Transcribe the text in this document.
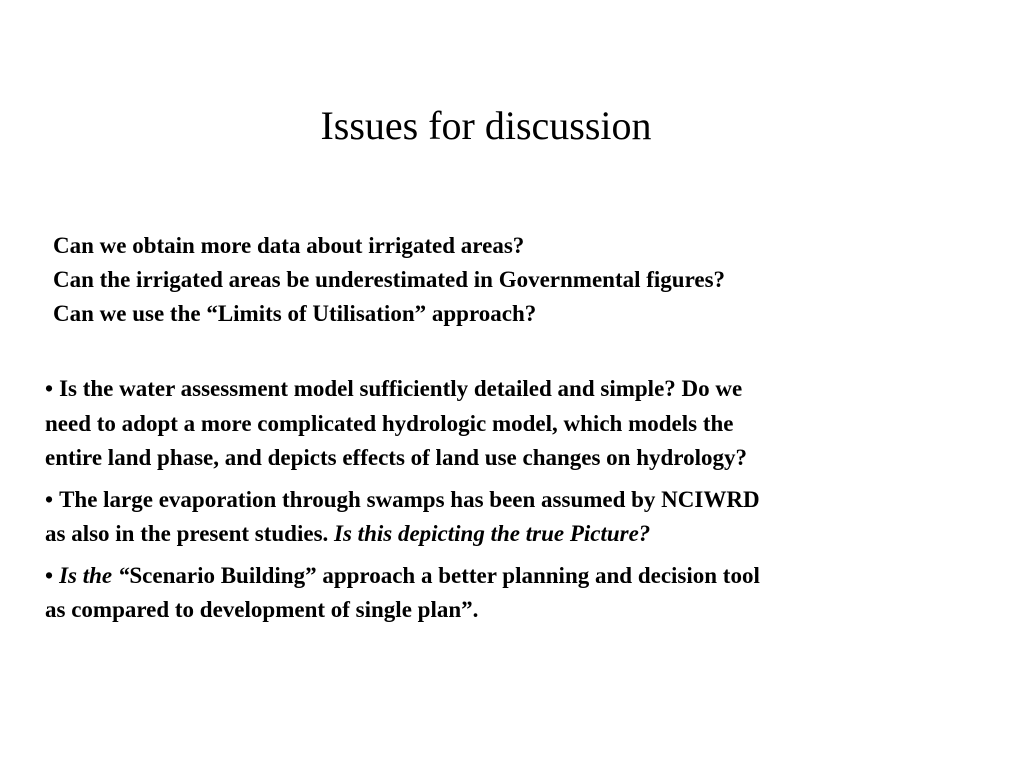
Issues for discussion
Can we obtain more data about irrigated areas?
Can the irrigated areas be underestimated in Governmental figures?
Can we use the “Limits of Utilisation” approach?
• Is the water assessment model sufficiently detailed and simple? Do we
need to adopt a more complicated hydrologic model, which models the
entire land phase, and depicts effects of land use changes on hydrology?
• The large evaporation through swamps has been assumed by NCIWRD
as also in the present studies. Is this depicting the true Picture?
• Is the “Scenario Building” approach a better planning and decision tool
as compared to development of single plan”.
